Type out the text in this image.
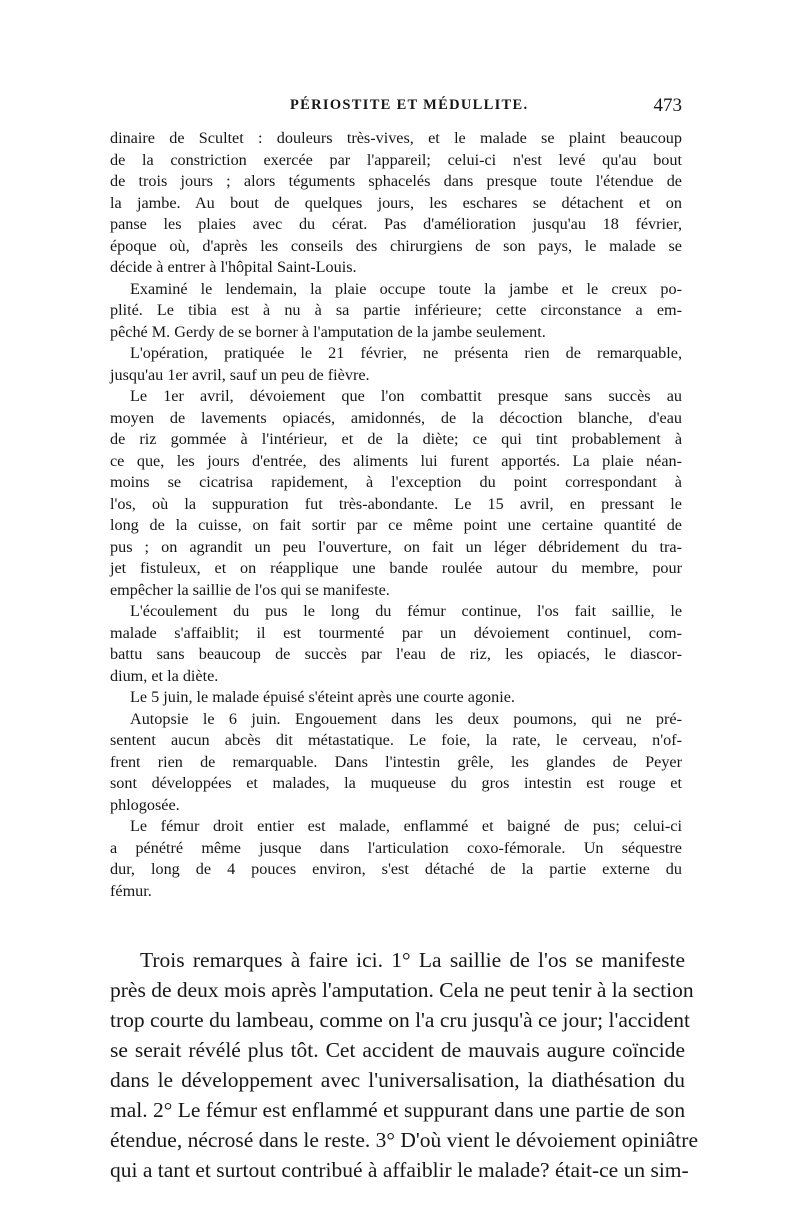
PÉRIOSTITE ET MÉDULLITE.	473
dinaire de Scultet : douleurs très-vives, et le malade se plaint beaucoup
de la constriction exercée par l'appareil; celui-ci n'est levé qu'au bout
de trois jours ; alors téguments sphacelés dans presque toute l'étendue de
la jambe. Au bout de quelques jours, les eschares se détachent et on
panse les plaies avec du cérat. Pas d'amélioration jusqu'au 18 février,
époque où, d'après les conseils des chirurgiens de son pays, le malade se
décide à entrer à l'hôpital Saint-Louis.
Examiné le lendemain, la plaie occupe toute la jambe et le creux po-
plité. Le tibia est à nu à sa partie inférieure; cette circonstance a em-
pêché M. Gerdy de se borner à l'amputation de la jambe seulement.
L'opération, pratiquée le 21 février, ne présenta rien de remarquable,
jusqu'au 1er avril, sauf un peu de fièvre.
Le 1er avril, dévoiement que l'on combattit presque sans succès au
moyen de lavements opiacés, amidonnés, de la décoction blanche, d'eau
de riz gommée à l'intérieur, et de la diète; ce qui tint probablement à
ce que, les jours d'entrée, des aliments lui furent apportés. La plaie néan-
moins se cicatrisa rapidement, à l'exception du point correspondant à
l'os, où la suppuration fut très-abondante. Le 15 avril, en pressant le
long de la cuisse, on fait sortir par ce même point une certaine quantité de
pus ; on agrandit un peu l'ouverture, on fait un léger débridement du tra-
jet fistuleux, et on réapplique une bande roulée autour du membre, pour
empêcher la saillie de l'os qui se manifeste.
L'écoulement du pus le long du fémur continue, l'os fait saillie, le
malade s'affaiblit; il est tourmenté par un dévoiement continuel, com-
battu sans beaucoup de succès par l'eau de riz, les opiacés, le diascor-
dium, et la diète.
Le 5 juin, le malade épuisé s'éteint après une courte agonie.
Autopsie le 6 juin. Engouement dans les deux poumons, qui ne pré-
sentent aucun abcès dit métastatique. Le foie, la rate, le cerveau, n'of-
frent rien de remarquable. Dans l'intestin grêle, les glandes de Peyer
sont développées et malades, la muqueuse du gros intestin est rouge et
phlogosée.
Le fémur droit entier est malade, enflammé et baigné de pus; celui-ci
a pénétré même jusque dans l'articulation coxo-fémorale. Un séquestre
dur, long de 4 pouces environ, s'est détaché de la partie externe du
fémur.
Trois remarques à faire ici. 1° La saillie de l'os se manifeste
près de deux mois après l'amputation. Cela ne peut tenir à la section
trop courte du lambeau, comme on l'a cru jusqu'à ce jour; l'accident
se serait révélé plus tôt. Cet accident de mauvais augure coïncide
dans le développement avec l'universalisation, la diathésation du
mal. 2° Le fémur est enflammé et suppurant dans une partie de son
étendue, nécrosé dans le reste. 3° D'où vient le dévoiement opiniâtre
qui a tant et surtout contribué à affaiblir le malade? était-ce un sim-
